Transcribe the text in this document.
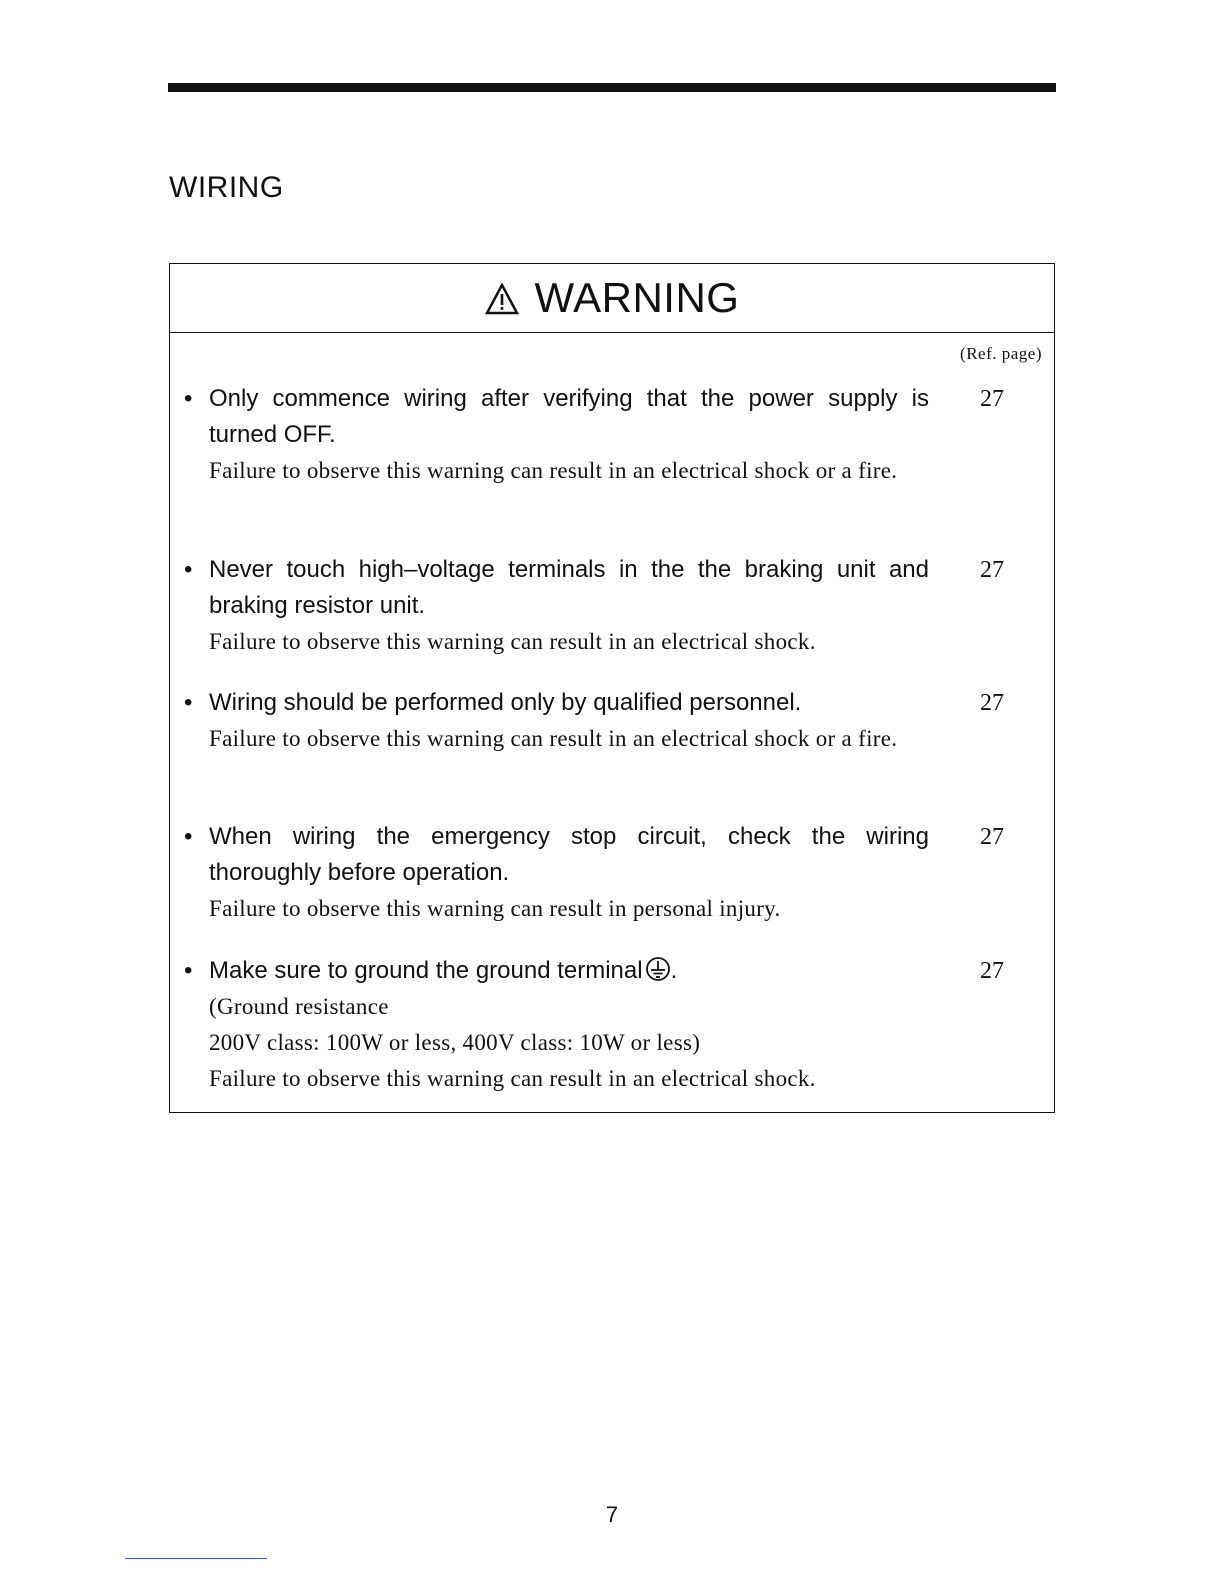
WIRING
WARNING
(Ref. page)
• Only commence wiring after verifying that the power supply is turned OFF.

Failure to observe this warning can result in an electrical shock or a fire.

27
• Never touch high–voltage terminals in the the braking unit and braking resistor unit.

Failure to observe this warning can result in an electrical shock.

27
• Wiring should be performed only by qualified personnel.

Failure to observe this warning can result in an electrical shock or a fire.

27
• When wiring the emergency stop circuit, check the wiring thoroughly before operation.

Failure to observe this warning can result in personal injury.

27
• Make sure to ground the ground terminal .

(Ground resistance

200V class: 100W or less, 400V class: 10W or less)

Failure to observe this warning can result in an electrical shock.

27
7
